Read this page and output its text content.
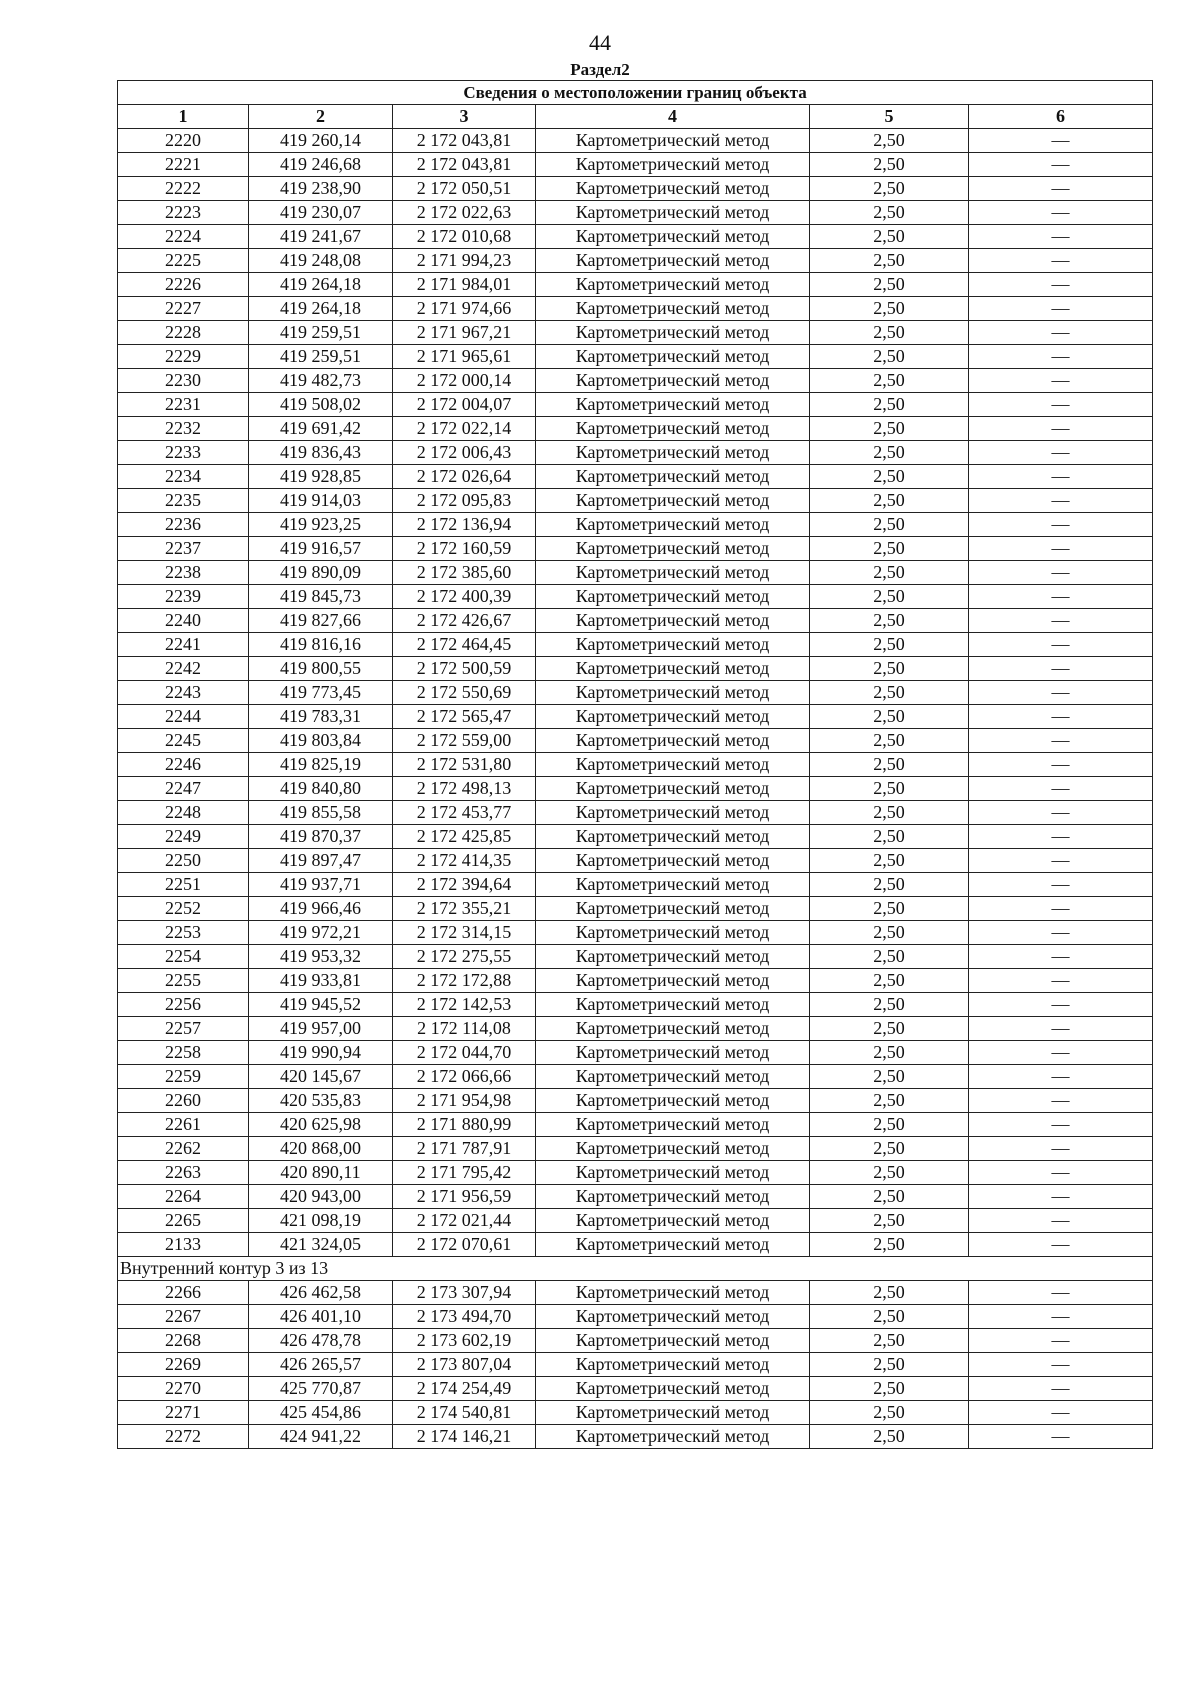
44
Раздел2
Сведения о местоположении границ объекта					
1	2	3	4	5	6
2220	419 260,14	2 172 043,81	Картометрический метод	2,50	—
2221	419 246,68	2 172 043,81	Картометрический метод	2,50	—
2222	419 238,90	2 172 050,51	Картометрический метод	2,50	—
2223	419 230,07	2 172 022,63	Картометрический метод	2,50	—
2224	419 241,67	2 172 010,68	Картометрический метод	2,50	—
2225	419 248,08	2 171 994,23	Картометрический метод	2,50	—
2226	419 264,18	2 171 984,01	Картометрический метод	2,50	—
2227	419 264,18	2 171 974,66	Картометрический метод	2,50	—
2228	419 259,51	2 171 967,21	Картометрический метод	2,50	—
2229	419 259,51	2 171 965,61	Картометрический метод	2,50	—
2230	419 482,73	2 172 000,14	Картометрический метод	2,50	—
2231	419 508,02	2 172 004,07	Картометрический метод	2,50	—
2232	419 691,42	2 172 022,14	Картометрический метод	2,50	—
2233	419 836,43	2 172 006,43	Картометрический метод	2,50	—
2234	419 928,85	2 172 026,64	Картометрический метод	2,50	—
2235	419 914,03	2 172 095,83	Картометрический метод	2,50	—
2236	419 923,25	2 172 136,94	Картометрический метод	2,50	—
2237	419 916,57	2 172 160,59	Картометрический метод	2,50	—
2238	419 890,09	2 172 385,60	Картометрический метод	2,50	—
2239	419 845,73	2 172 400,39	Картометрический метод	2,50	—
2240	419 827,66	2 172 426,67	Картометрический метод	2,50	—
2241	419 816,16	2 172 464,45	Картометрический метод	2,50	—
2242	419 800,55	2 172 500,59	Картометрический метод	2,50	—
2243	419 773,45	2 172 550,69	Картометрический метод	2,50	—
2244	419 783,31	2 172 565,47	Картометрический метод	2,50	—
2245	419 803,84	2 172 559,00	Картометрический метод	2,50	—
2246	419 825,19	2 172 531,80	Картометрический метод	2,50	—
2247	419 840,80	2 172 498,13	Картометрический метод	2,50	—
2248	419 855,58	2 172 453,77	Картометрический метод	2,50	—
2249	419 870,37	2 172 425,85	Картометрический метод	2,50	—
2250	419 897,47	2 172 414,35	Картометрический метод	2,50	—
2251	419 937,71	2 172 394,64	Картометрический метод	2,50	—
2252	419 966,46	2 172 355,21	Картометрический метод	2,50	—
2253	419 972,21	2 172 314,15	Картометрический метод	2,50	—
2254	419 953,32	2 172 275,55	Картометрический метод	2,50	—
2255	419 933,81	2 172 172,88	Картометрический метод	2,50	—
2256	419 945,52	2 172 142,53	Картометрический метод	2,50	—
2257	419 957,00	2 172 114,08	Картометрический метод	2,50	—
2258	419 990,94	2 172 044,70	Картометрический метод	2,50	—
2259	420 145,67	2 172 066,66	Картометрический метод	2,50	—
2260	420 535,83	2 171 954,98	Картометрический метод	2,50	—
2261	420 625,98	2 171 880,99	Картометрический метод	2,50	—
2262	420 868,00	2 171 787,91	Картометрический метод	2,50	—
2263	420 890,11	2 171 795,42	Картометрический метод	2,50	—
2264	420 943,00	2 171 956,59	Картометрический метод	2,50	—
2265	421 098,19	2 172 021,44	Картометрический метод	2,50	—
2133	421 324,05	2 172 070,61	Картометрический метод	2,50	—
Внутренний контур 3 из 13					
2266	426 462,58	2 173 307,94	Картометрический метод	2,50	—
2267	426 401,10	2 173 494,70	Картометрический метод	2,50	—
2268	426 478,78	2 173 602,19	Картометрический метод	2,50	—
2269	426 265,57	2 173 807,04	Картометрический метод	2,50	—
2270	425 770,87	2 174 254,49	Картометрический метод	2,50	—
2271	425 454,86	2 174 540,81	Картометрический метод	2,50	—
2272	424 941,22	2 174 146,21	Картометрический метод	2,50	—
